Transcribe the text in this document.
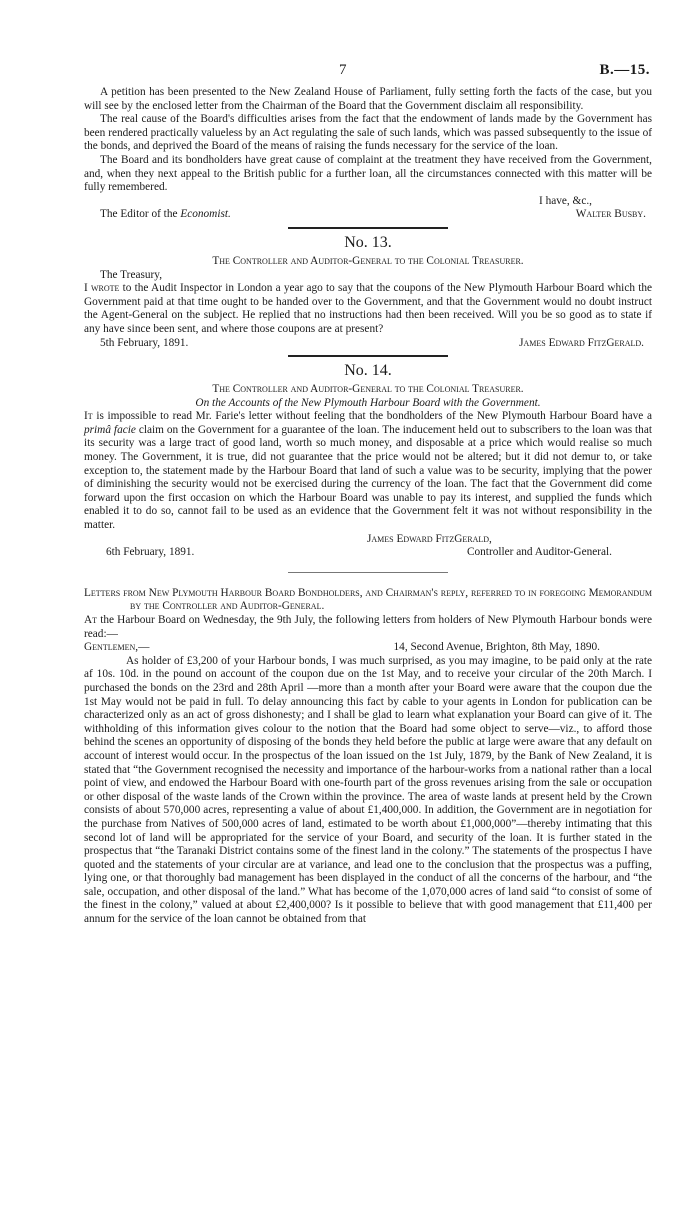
7	B.—15.

A petition has been presented to the New Zealand House of Parliament, fully setting forth the facts of the case, but you will see by the enclosed letter from the Chairman of the Board that the Government disclaim all responsibility.

The real cause of the Board's difficulties arises from the fact that the endowment of lands made by the Government has been rendered practically valueless by an Act regulating the sale of such lands, which was passed subsequently to the issue of the bonds, and deprived the Board of the means of raising the funds necessary for the service of the loan.

The Board and its bondholders have great cause of complaint at the treatment they have received from the Government, and, when they next appeal to the British public for a further loan, all the circumstances connected with this matter will be fully remembered.

I have, &c.,

The Editor of the Economist.	Walter Busby.
No. 13.
The Controller and Auditor-General to the Colonial Treasurer.

The Treasury,

I wrote to the Audit Inspector in London a year ago to say that the coupons of the New Plymouth Harbour Board which the Government paid at that time ought to be handed over to the Government, and that the Government would no doubt instruct the Agent-General on the subject. He replied that no instructions had then been received. Will you be so good as to state if any have since been sent, and where those coupons are at present?

5th February, 1891.	James Edward FitzGerald.
No. 14.
The Controller and Auditor-General to the Colonial Treasurer.
On the Accounts of the New Plymouth Harbour Board with the Government.

It is impossible to read Mr. Farie's letter without feeling that the bondholders of the New Plymouth Harbour Board have a primâ facie claim on the Government for a guarantee of the loan. The inducement held out to subscribers to the loan was that its security was a large tract of good land, worth so much money, and disposable at a price which would realise so much money. The Government, it is true, did not guarantee that the price would not be altered; but it did not demur to, or take exception to, the statement made by the Harbour Board that land of such a value was to be security, implying that the power of diminishing the security would not be exercised during the currency of the loan. The fact that the Government did come forward upon the first occasion on which the Harbour Board was unable to pay its interest, and supplied the funds which enabled it to do so, cannot fail to be used as an evidence that the Government felt it was not without responsibility in the matter.

James Edward FitzGerald,

6th February, 1891.	Controller and Auditor-General.

Letters from New Plymouth Harbour Board Bondholders, and Chairman's reply, referred to in foregoing Memorandum by the Controller and Auditor-General.

At the Harbour Board on Wednesday, the 9th July, the following letters from holders of New Plymouth Harbour bonds were read:—

Gentlemen,—	14, Second Avenue, Brighton, 8th May, 1890.

As holder of £3,200 of your Harbour bonds, I was much surprised, as you may imagine, to be paid only at the rate af 10s. 10d. in the pound on account of the coupon due on the 1st May, and to receive your circular of the 20th March. I purchased the bonds on the 23rd and 28th April —more than a month after your Board were aware that the coupon due the 1st May would not be paid in full. To delay announcing this fact by cable to your agents in London for publication can be characterized only as an act of gross dishonesty; and I shall be glad to learn what explanation your Board can give of it. The withholding of this information gives colour to the notion that the Board had some object to serve—viz., to afford those behind the scenes an opportunity of disposing of the bonds they held before the public at large were aware that any default on account of interest would occur. In the prospectus of the loan issued on the 1st July, 1879, by the Bank of New Zealand, it is stated that “the Government recognised the necessity and importance of the harbour-works from a national rather than a local point of view, and endowed the Harbour Board with one-fourth part of the gross revenues arising from the sale or occupation or other disposal of the waste lands of the Crown within the province. The area of waste lands at present held by the Crown consists of about 570,000 acres, representing a value of about £1,400,000. In addition, the Government are in negotiation for the purchase from Natives of 500,000 acres of land, estimated to be worth about £1,000,000”—thereby intimating that this second lot of land will be appropriated for the service of your Board, and security of the loan. It is further stated in the prospectus that “the Taranaki District contains some of the finest land in the colony.” The statements of the prospectus I have quoted and the statements of your circular are at variance, and lead one to the conclusion that the prospectus was a puffing, lying one, or that thoroughly bad management has been displayed in the conduct of all the concerns of the harbour, and “the sale, occupation, and other disposal of the land.” What has become of the 1,070,000 acres of land said “to consist of some of the finest in the colony,” valued at about £2,400,000? Is it possible to believe that with good management that £11,400 per annum for the service of the loan cannot be obtained from that
